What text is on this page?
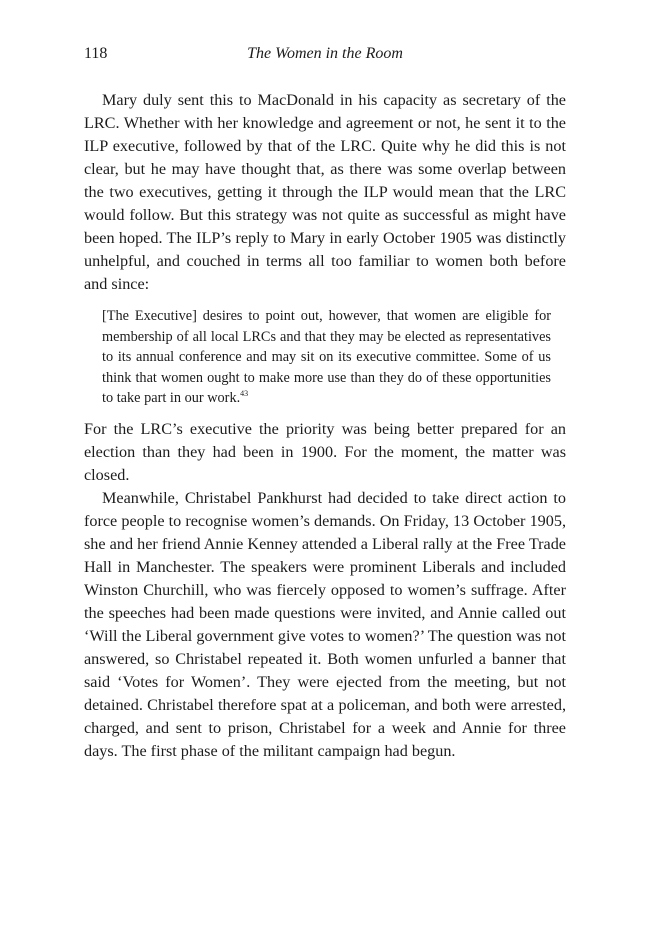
118	The Women in the Room

Mary duly sent this to MacDonald in his capacity as secretary of the LRC. Whether with her knowledge and agreement or not, he sent it to the ILP executive, followed by that of the LRC. Quite why he did this is not clear, but he may have thought that, as there was some overlap between the two executives, getting it through the ILP would mean that the LRC would follow. But this strategy was not quite as successful as might have been hoped. The ILP’s reply to Mary in early October 1905 was distinctly unhelpful, and couched in terms all too familiar to women both before and since:

[The Executive] desires to point out, however, that women are eligible for membership of all local LRCs and that they may be elected as representatives to its annual conference and may sit on its executive committee. Some of us think that women ought to make more use than they do of these opportunities to take part in our work.$^{43}$

For the LRC’s executive the priority was being better prepared for an election than they had been in 1900. For the moment, the matter was closed.

Meanwhile, Christabel Pankhurst had decided to take direct action to force people to recognise women’s demands. On Friday, 13 October 1905, she and her friend Annie Kenney attended a Liberal rally at the Free Trade Hall in Manchester. The speakers were prominent Liberals and included Winston Churchill, who was fiercely opposed to women’s suffrage. After the speeches had been made questions were invited, and Annie called out ‘Will the Liberal government give votes to women?’ The question was not answered, so Christabel repeated it. Both women unfurled a banner that said ‘Votes for Women’. They were ejected from the meeting, but not detained. Christabel therefore spat at a policeman, and both were arrested, charged, and sent to prison, Christabel for a week and Annie for three days. The first phase of the militant campaign had begun.
